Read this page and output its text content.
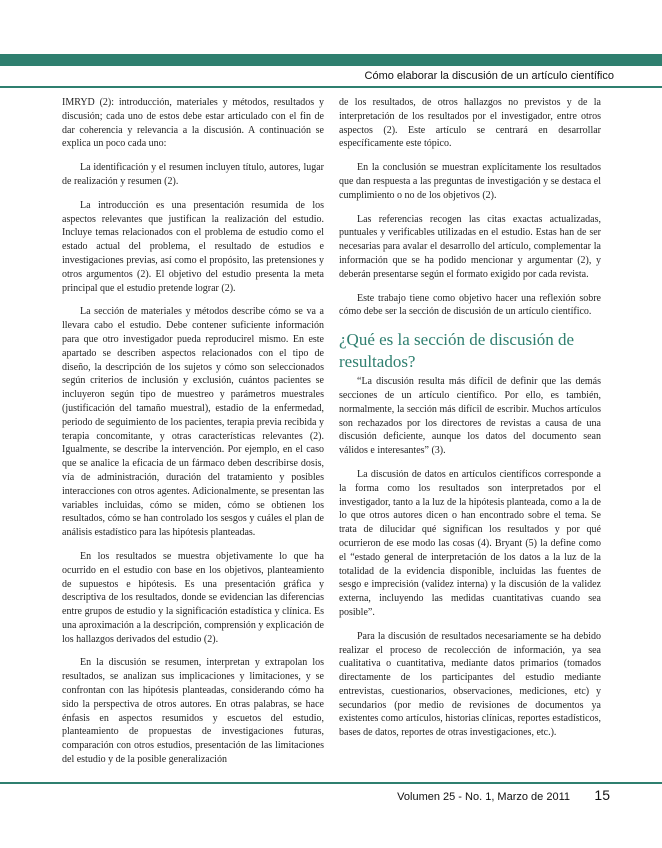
Cómo elaborar la discusión de un artículo científico

IMRYD (2): introducción, materiales y métodos, resultados y discusión; cada uno de estos debe estar articulado con el fin de dar coherencia y relevancia a la discusión. A continuación se explica un poco cada uno:

La identificación y el resumen incluyen título, autores, lugar de realización y resumen (2).

La introducción es una presentación resumida de los aspectos relevantes que justifican la realización del estudio. Incluye temas relacionados con el problema de estudio como el estado actual del problema, el resultado de estudios e investigaciones previas, así como el propósito, las pretensiones y otros argumentos (2). El objetivo del estudio presenta la meta principal que el estudio pretende lograr (2).

La sección de materiales y métodos describe cómo se va a llevara cabo el estudio. Debe contener suficiente información para que otro investigador pueda reproducirel mismo. En este apartado se describen aspectos relacionados con el tipo de diseño, la descripción de los sujetos y cómo son seleccionados según criterios de inclusión y exclusión, cuántos pacientes se incluyeron según tipo de muestreo y parámetros muestrales (justificación del tamaño muestral), estadio de la enfermedad, periodo de seguimiento de los pacientes, terapia previa recibida y terapia concomitante, y otras características relevantes (2). Igualmente, se describe la intervención. Por ejemplo, en el caso que se analice la eficacia de un fármaco deben describirse dosis, vía de administración, duración del tratamiento y posibles interacciones con otros agentes. Adicionalmente, se presentan las variables incluidas, cómo se miden, cómo se obtienen los resultados, cómo se han controlado los sesgos y cuáles el plan de análisis estadístico para las hipótesis planteadas.

En los resultados se muestra objetivamente lo que ha ocurrido en el estudio con base en los objetivos, planteamiento de supuestos e hipótesis. Es una presentación gráfica y descriptiva de los resultados, donde se evidencian las diferencias entre grupos de estudio y la significación estadística y clínica. Es una aproximación a la descripción, comprensión y explicación de los hallazgos derivados del estudio (2).

En la discusión se resumen, interpretan y extrapolan los resultados, se analizan sus implicaciones y limitaciones, y se confrontan con las hipótesis planteadas, considerando cómo ha sido la perspectiva de otros autores. En otras palabras, se hace énfasis en aspectos resumidos y escuetos del estudio, planteamiento de propuestas de investigaciones futuras, comparación con otros estudios, presentación de las limitaciones del estudio y de la posible generalización

de los resultados, de otros hallazgos no previstos y de la interpretación de los resultados por el investigador, entre otros aspectos (2). Este artículo se centrará en desarrollar específicamente este tópico.

En la conclusión se muestran explícitamente los resultados que dan respuesta a las preguntas de investigación y se destaca el cumplimiento o no de los objetivos (2).

Las referencias recogen las citas exactas actualizadas, puntuales y verificables utilizadas en el estudio. Estas han de ser necesarias para avalar el desarrollo del artículo, complementar la información que se ha podido mencionar y argumentar (2), y deberán presentarse según el formato exigido por cada revista.

Este trabajo tiene como objetivo hacer una reflexión sobre cómo debe ser la sección de discusión de un artículo científico.

¿Qué es la sección de discusión de resultados?

“La discusión resulta más difícil de definir que las demás secciones de un artículo científico. Por ello, es también, normalmente, la sección más difícil de escribir. Muchos artículos son rechazados por los directores de revistas a causa de una discusión deficiente, aunque los datos del documento sean válidos e interesantes” (3).

La discusión de datos en artículos científicos corresponde a la forma como los resultados son interpretados por el investigador, tanto a la luz de la hipótesis planteada, como a la de lo que otros autores dicen o han encontrado sobre el tema. Se trata de dilucidar qué significan los resultados y por qué ocurrieron de ese modo las cosas (4). Bryant (5) la define como el “estado general de interpretación de los datos a la luz de la totalidad de la evidencia disponible, incluidas las fuentes de sesgo e imprecisión (validez interna) y la discusión de la validez externa, incluyendo las medidas cuantitativas cuando sea posible”.

Para la discusión de resultados necesariamente se ha debido realizar el proceso de recolección de información, ya sea cualitativa o cuantitativa, mediante datos primarios (tomados directamente de los participantes del estudio mediante entrevistas, cuestionarios, observaciones, mediciones, etc) y secundarios (por medio de revisiones de documentos ya existentes como artículos, historias clínicas, reportes estadísticos, bases de datos, reportes de otras investigaciones, etc.).

Volumen 25 - No. 1, Marzo de 2011 15
